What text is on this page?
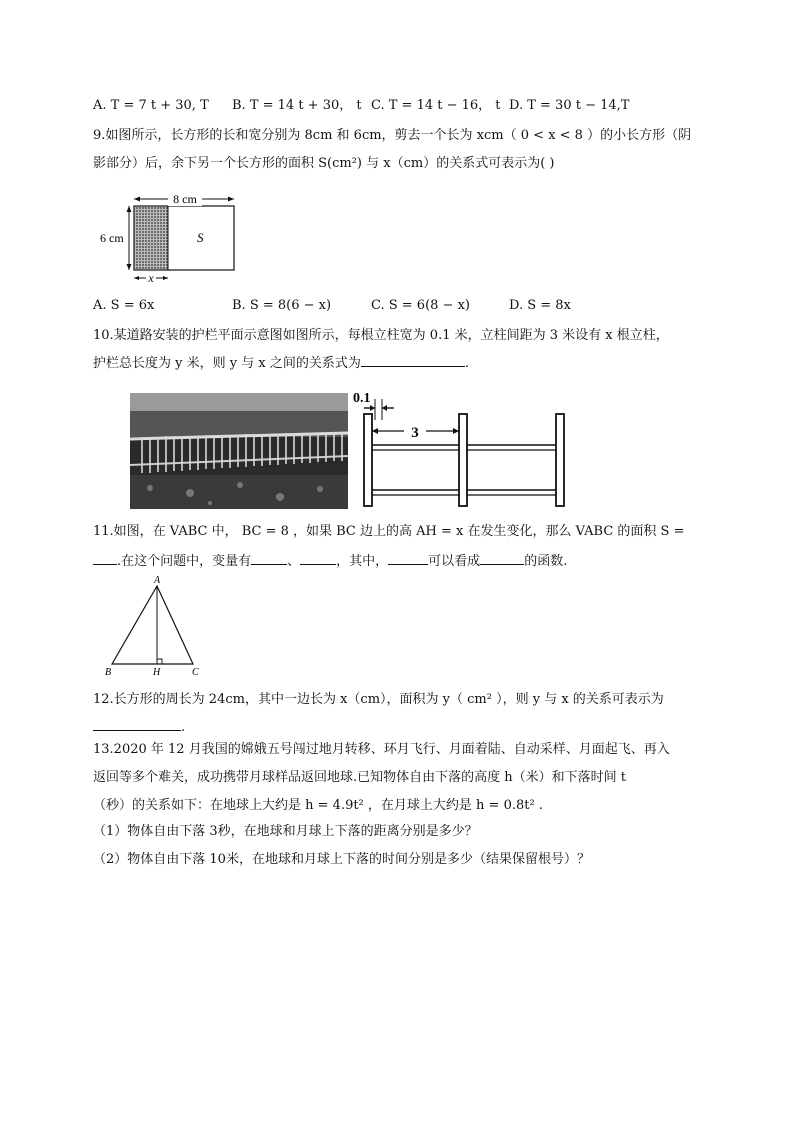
A. T = 7 t + 30, T B. T = 14 t + 30， t C. T = 14 t − 16， t D. T = 30 t − 14,T
9.如图所示，长方形的长和宽分别为 8cm 和 6cm，剪去一个长为 xcm（ 0 < x < 8 ）的小长方形（阴
影部分）后，余下另一个长方形的面积 S(cm²) 与 x（cm）的关系式可表示为( )
8 cm
6 cm	S
x
A. S = 6x	B. S = 8(6 − x)	C. S = 6(8 − x)	D. S = 8x
10.某道路安装的护栏平面示意图如图所示，每根立柱宽为 0.1 米，立柱间距为 3 米设有 x 根立柱，
护栏总长度为 y 米，则 y 与 x 之间的关系式为	.
0.1
3
11.如图，在 VABC 中， BC = 8 ，如果 BC 边上的高 AH = x 在发生变化，那么 VABC 的面积 S =
.在这个问题中，变量有	、	，其中，	可以看成	的函数.
A
B	H	C
12.长方形的周长为 24cm，其中一边长为 x（cm），面积为 y（ cm² ），则 y 与 x 的关系可表示为
.
13.2020 年 12 月我国的嫦娥五号闯过地月转移、环月飞行、月面着陆、自动采样、月面起飞、再入
返回等多个难关，成功携带月球样品返回地球.已知物体自由下落的高度 h（米）和下落时间 t
（秒）的关系如下：在地球上大约是 h = 4.9t² ，在月球上大约是 h = 0.8t² .
（1）物体自由下落 3秒，在地球和月球上下落的距离分别是多少？
（2）物体自由下落 10米，在地球和月球上下落的时间分别是多少（结果保留根号）？
